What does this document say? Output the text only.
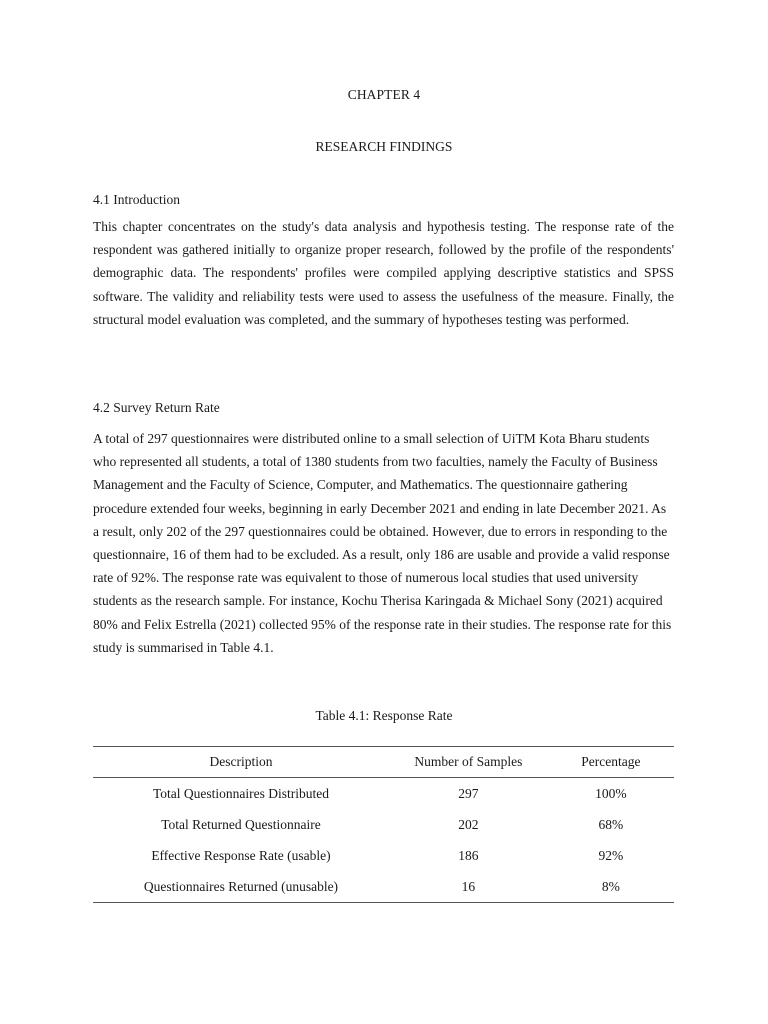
CHAPTER 4
RESEARCH FINDINGS
4.1 Introduction

This chapter concentrates on the study's data analysis and hypothesis testing. The response rate of the respondent was gathered initially to organize proper research, followed by the profile of the respondents' demographic data. The respondents' profiles were compiled applying descriptive statistics and SPSS software. The validity and reliability tests were used to assess the usefulness of the measure. Finally, the structural model evaluation was completed, and the summary of hypotheses testing was performed.

4.2 Survey Return Rate

A total of 297 questionnaires were distributed online to a small selection of UiTM Kota Bharu students who represented all students, a total of 1380 students from two faculties, namely the Faculty of Business Management and the Faculty of Science, Computer, and Mathematics. The questionnaire gathering procedure extended four weeks, beginning in early December 2021 and ending in late December 2021. As a result, only 202 of the 297 questionnaires could be obtained. However, due to errors in responding to the questionnaire, 16 of them had to be excluded. As a result, only 186 are usable and provide a valid response rate of 92%. The response rate was equivalent to those of numerous local studies that used university students as the research sample. For instance, Kochu Therisa Karingada & Michael Sony (2021) acquired 80% and Felix Estrella (2021) collected 95% of the response rate in their studies. The response rate for this study is summarised in Table 4.1.

Table 4.1: Response Rate
Description	Number of Samples	Percentage
Total Questionnaires Distributed	297	100%
Total Returned Questionnaire	202	68%
Effective Response Rate (usable)	186	92%
Questionnaires Returned (unusable)	16	8%
